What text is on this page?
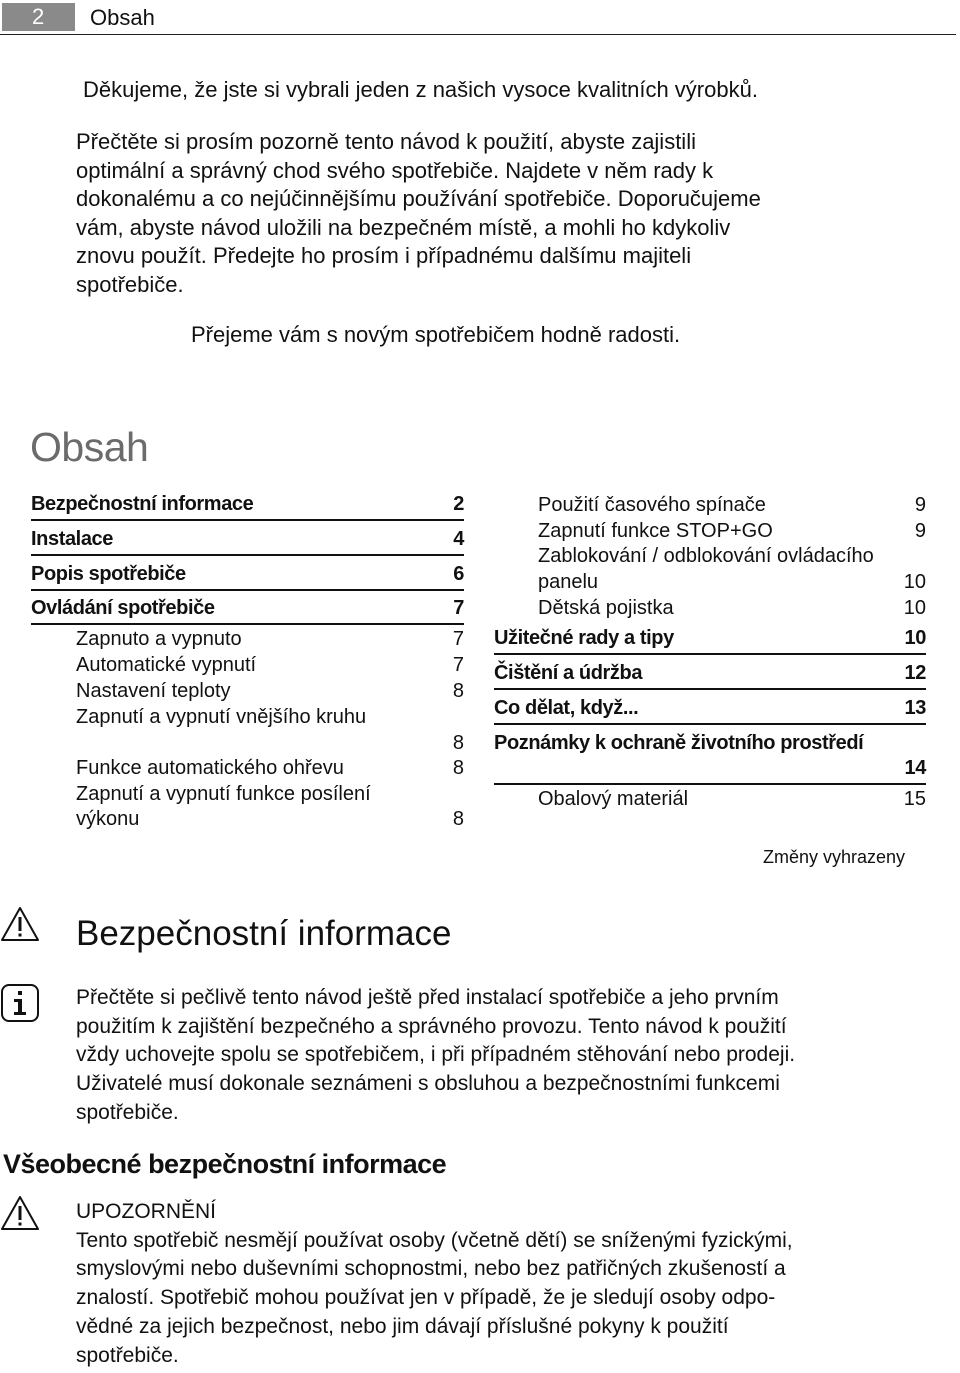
2	Obsah
Děkujeme, že jste si vybrali jeden z našich vysoce kvalitních výrobků.
Přečtěte si prosím pozorně tento návod k použití, abyste zajistili
optimální a správný chod svého spotřebiče. Najdete v něm rady k
dokonalému a co nejúčinnějšímu používání spotřebiče. Doporučujeme
vám, abyste návod uložili na bezpečném místě, a mohli ho kdykoliv
znovu použít. Předejte ho prosím i případnému dalšímu majiteli
spotřebiče.
Přejeme vám s novým spotřebičem hodně radosti.
Obsah
Bezpečnostní informace	2
Instalace	4
Popis spotřebiče	6
Ovládání spotřebiče	7
Zapnuto a vypnuto	7
Automatické vypnutí	7
Nastavení teploty	8
Zapnutí a vypnutí vnějšího kruhu
8
Funkce automatického ohřevu	8
Zapnutí a vypnutí funkce posílení
výkonu	8
Použití časového spínače	9
Zapnutí funkce STOP+GO	9
Zablokování / odblokování ovládacího
panelu	10
Dětská pojistka	10
Užitečné rady a tipy	10
Čištění a údržba	12
Co dělat, když...	13
Poznámky k ochraně životního prostředí
14
Obalový materiál	15
Změny vyhrazeny
Bezpečnostní informace
Přečtěte si pečlivě tento návod ještě před instalací spotřebiče a jeho prvním
použitím k zajištění bezpečného a správného provozu. Tento návod k použití
vždy uchovejte spolu se spotřebičem, i při případném stěhování nebo prodeji.
Uživatelé musí dokonale seznámeni s obsluhou a bezpečnostními funkcemi
spotřebiče.
Všeobecné bezpečnostní informace
UPOZORNĚNÍ
Tento spotřebič nesmějí používat osoby (včetně dětí) se sníženými fyzickými,
smyslovými nebo duševními schopnostmi, nebo bez patřičných zkušeností a
znalostí. Spotřebič mohou používat jen v případě, že je sledují osoby odpo-
vědné za jejich bezpečnost, nebo jim dávají příslušné pokyny k použití
spotřebiče.
